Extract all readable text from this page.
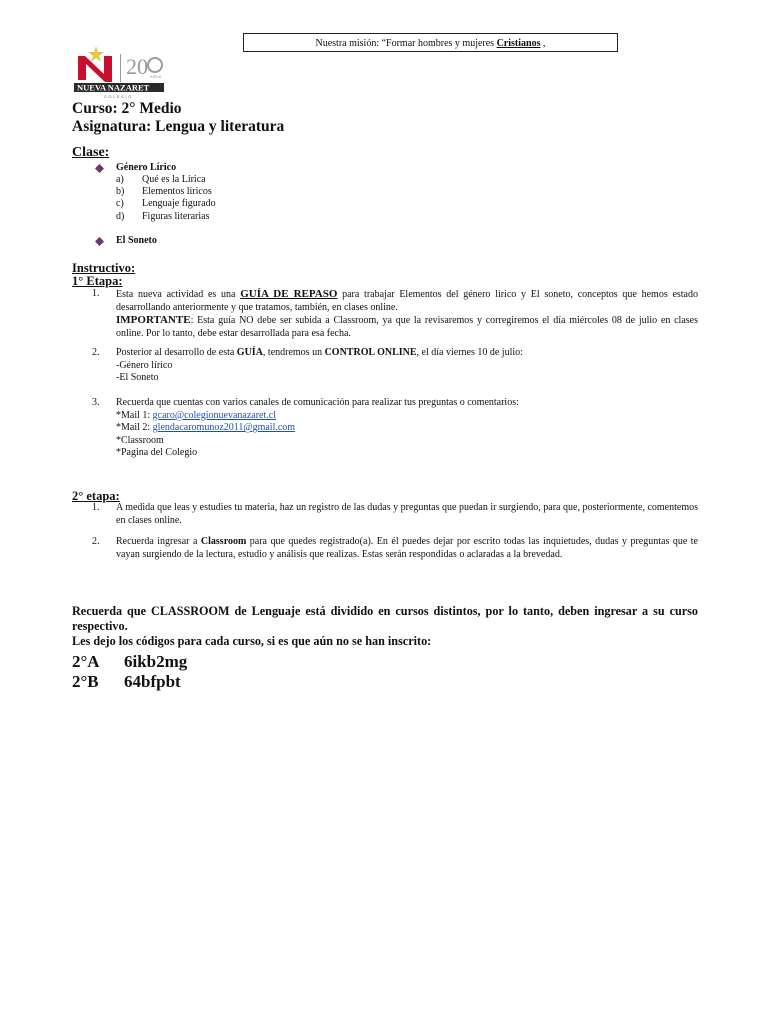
Nuestra misión: “Formar hombres y mujeres Cristianos ,
20 AÑOS
NUEVA NAZARET
COLEGIO
Curso: 2° Medio
Asignatura: Lengua y literatura
Clase:
Género Lírico
a) Qué es la Lírica
b) Elementos líricos
c) Lenguaje figurado
d) Figuras literarias
El Soneto
Instructivo:
1° Etapa:
1.	Esta nueva actividad es una GUÍA DE REPASO para trabajar Elementos del género lírico y El soneto, conceptos que hemos estado desarrollando anteriormente y que tratamos, también, en clases online.
IMPORTANTE: Esta guía NO debe ser subida a Classroom, ya que la revisaremos y corregiremos el día miércoles 08 de julio en clases online. Por lo tanto, debe estar desarrollada para esa fecha.
2.	Posterior al desarrollo de esta GUÍA, tendremos un CONTROL ONLINE, el día viernes 10 de julio:
-Género lírico
-El Soneto
3.	Recuerda que cuentas con varios canales de comunicación para realizar tus preguntas o comentarios:
*Mail 1: gcaro@colegionuevanazaret.cl
*Mail 2: glendacaromunoz2011@gmail.com
*Classroom
*Pagina del Colegio
2° etapa:
1.	A medida que leas y estudies tu materia, haz un registro de las dudas y preguntas que puedan ir surgiendo, para que, posteriormente, comentemos en clases online.
2.	Recuerda ingresar a Classroom para que quedes registrado(a). En él puedes dejar por escrito todas las inquietudes, dudas y preguntas que te vayan surgiendo de la lectura, estudio y análisis que realizas. Estas serán respondidas o aclaradas a la brevedad.
Recuerda que CLASSROOM de Lenguaje está dividido en cursos distintos, por lo tanto, deben ingresar a su curso respectivo.
Les dejo los códigos para cada curso, si es que aún no se han inscrito:
2°A 6ikb2mg
2°B 64bfpbt
